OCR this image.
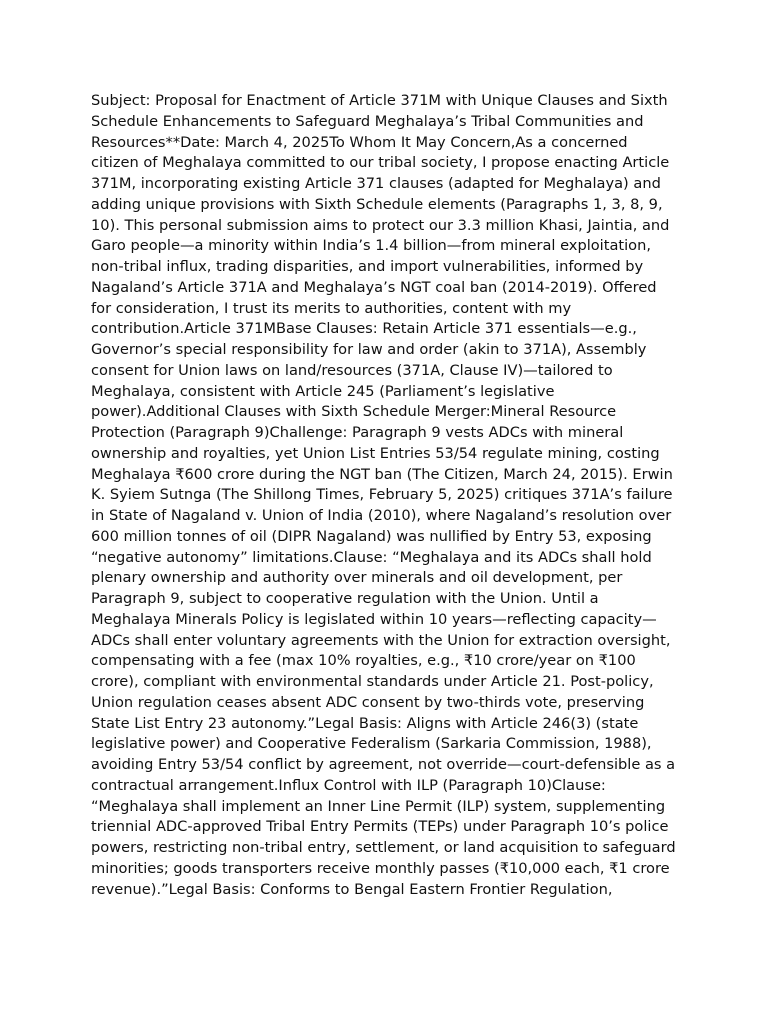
Subject: Proposal for Enactment of Article 371M with Unique Clauses and Sixth Schedule Enhancements to Safeguard Meghalaya’s Tribal Communities and Resources**Date: March 4, 2025To Whom It May Concern,As a concerned citizen of Meghalaya committed to our tribal society, I propose enacting Article 371M, incorporating existing Article 371 clauses (adapted for Meghalaya) and adding unique provisions with Sixth Schedule elements (Paragraphs 1, 3, 8, 9, 10). This personal submission aims to protect our 3.3 million Khasi, Jaintia, and Garo people—a minority within India’s 1.4 billion—from mineral exploitation, non-tribal influx, trading disparities, and import vulnerabilities, informed by Nagaland’s Article 371A and Meghalaya’s NGT coal ban (2014-2019). Offered for consideration, I trust its merits to authorities, content with my contribution.Article 371MBase Clauses: Retain Article 371 essentials—e.g., Governor’s special responsibility for law and order (akin to 371A), Assembly consent for Union laws on land/resources (371A, Clause IV)—tailored to Meghalaya, consistent with Article 245 (Parliament’s legislative power).Additional Clauses with Sixth Schedule Merger:Mineral Resource Protection (Paragraph 9)Challenge: Paragraph 9 vests ADCs with mineral ownership and royalties, yet Union List Entries 53/54 regulate mining, costing Meghalaya ₹600 crore during the NGT ban (The Citizen, March 24, 2015). Erwin K. Syiem Sutnga (The Shillong Times, February 5, 2025) critiques 371A’s failure in State of Nagaland v. Union of India (2010), where Nagaland’s resolution over 600 million tonnes of oil (DIPR Nagaland) was nullified by Entry 53, exposing “negative autonomy” limitations.Clause: “Meghalaya and its ADCs shall hold plenary ownership and authority over minerals and oil development, per Paragraph 9, subject to cooperative regulation with the Union. Until a Meghalaya Minerals Policy is legislated within 10 years—reflecting capacity—ADCs shall enter voluntary agreements with the Union for extraction oversight, compensating with a fee (max 10% royalties, e.g., ₹10 crore/year on ₹100 crore), compliant with environmental standards under Article 21. Post-policy, Union regulation ceases absent ADC consent by two-thirds vote, preserving State List Entry 23 autonomy.”Legal Basis: Aligns with Article 246(3) (state legislative power) and Cooperative Federalism (Sarkaria Commission, 1988), avoiding Entry 53/54 conflict by agreement, not override—court-defensible as a contractual arrangement.Influx Control with ILP (Paragraph 10)Clause: “Meghalaya shall implement an Inner Line Permit (ILP) system, supplementing triennial ADC-approved Tribal Entry Permits (TEPs) under Paragraph 10’s police powers, restricting non-tribal entry, settlement, or land acquisition to safeguard minorities; goods transporters receive monthly passes (₹10,000 each, ₹1 crore revenue).”Legal Basis: Conforms to Bengal Eastern Frontier Regulation,
